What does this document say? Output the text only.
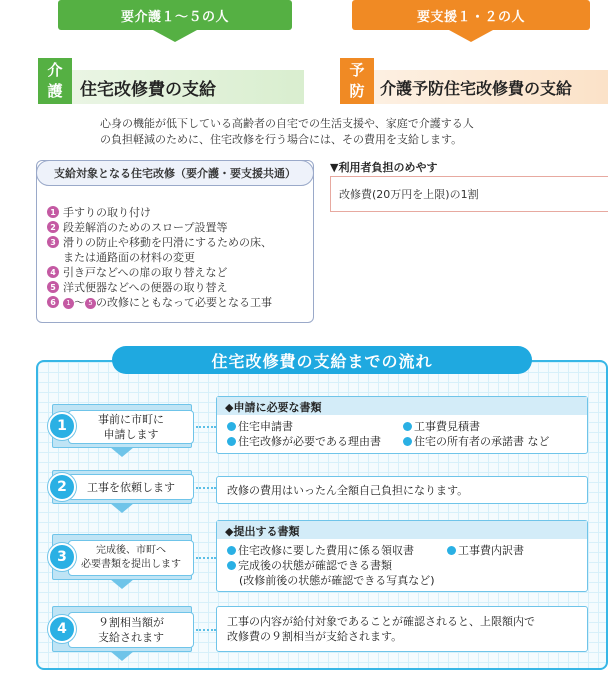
要介護１～５の人	要支援１・２の人
介
護	住宅改修費の支給
予
防 介護予防住宅改修費の支給
心身の機能が低下している高齢者の自宅での生活支援や、家庭で介護する人
の負担軽減のために、住宅改修を行う場合には、その費用を支給します。
支給対象となる住宅改修（要介護・要支援共通）
1 手すりの取り付け
2 段差解消のためのスロープ設置等
3 滑りの防止や移動を円滑にするための床、
または通路面の材料の変更
4 引き戸などへの扉の取り替えなど
5 洋式便器などへの便器の取り替え
6	1 ～ 5 の改修にともなって必要となる工事
▼利用者負担のめやす
改修費(20万円を上限)の1割
住宅改修費の支給までの流れ
事前に市町に
申請します
1
◆申請に必要な書類
住宅申請書	工事費見積書
住宅改修が必要である理由書	住宅の所有者の承諾書 など
工事を依頼します
2	改修の費用はいったん全額自己負担になります。
完成後、市町へ
必要書類を提出します
3
◆提出する書類
住宅改修に要した費用に係る領収書	工事費内訳書
完成後の状態が確認できる書類
(改修前後の状態が確認できる写真など)
９割相当額が
支給されます
4	工事の内容が給付対象であることが確認されると、上限額内で
改修費の９割相当が支給されます。
